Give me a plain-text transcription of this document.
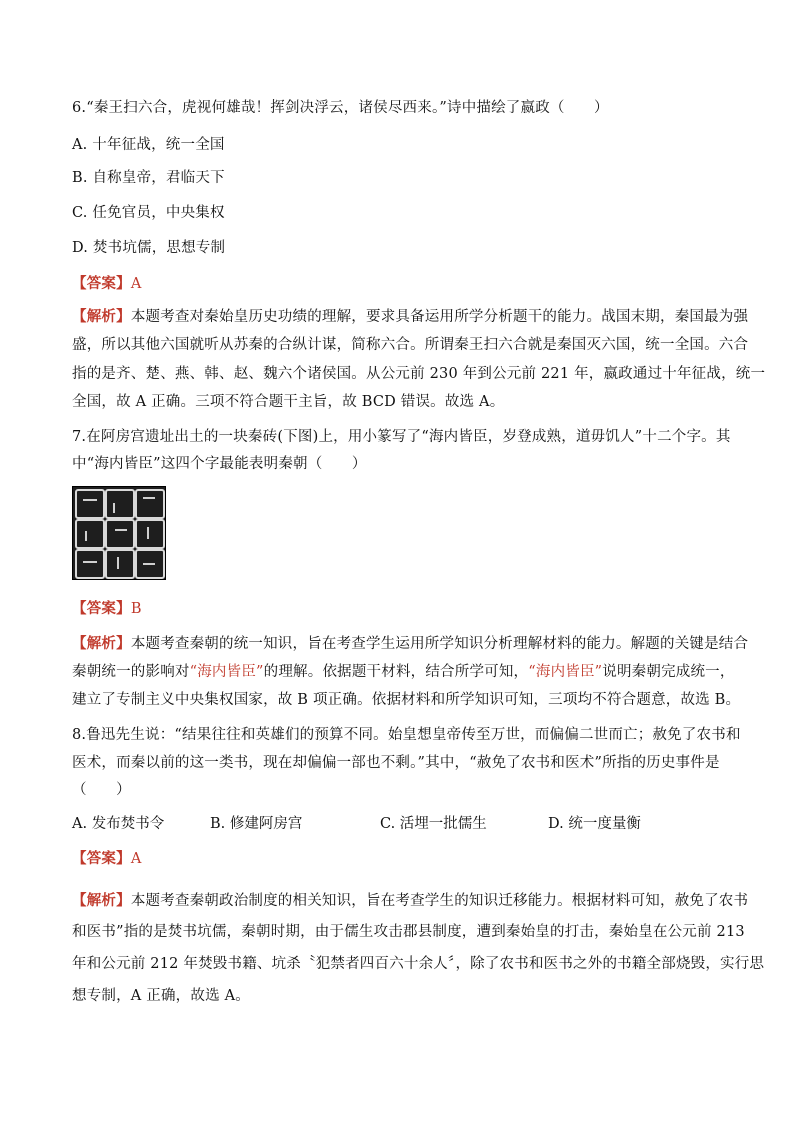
6.“秦王扫六合，虎视何雄哉！挥剑决浮云，诸侯尽西来。”诗中描绘了嬴政（　　）
A. 十年征战，统一全国
B. 自称皇帝，君临天下
C. 任免官员，中央集权
D. 焚书坑儒，思想专制
【答案】A
【解析】本题考查对秦始皇历史功绩的理解，要求具备运用所学分析题干的能力。战国末期，秦国最为强
盛，所以其他六国就听从苏秦的合纵计谋，简称六合。所谓秦王扫六合就是秦国灭六国，统一全国。六合
指的是齐、楚、燕、韩、赵、魏六个诸侯国。从公元前 230 年到公元前 221 年，嬴政通过十年征战，统一
全国，故 A 正确。三项不符合题干主旨，故 BCD 错误。故选 A。
7.在阿房宫遗址出土的一块秦砖(下图)上，用小篆写了“海内皆臣，岁登成熟，道毋饥人”十二个字。其
中“海内皆臣”这四个字最能表明秦朝（　　）
【答案】B
【解析】本题考查秦朝的统一知识，旨在考查学生运用所学知识分析理解材料的能力。解题的关键是结合
秦朝统一的影响对“海内皆臣”的理解。依据题干材料，结合所学可知，“海内皆臣”说明秦朝完成统一，
建立了专制主义中央集权国家，故 B 项正确。依据材料和所学知识可知，三项均不符合题意，故选 B。
8.鲁迅先生说：“结果往往和英雄们的预算不同。始皇想皇帝传至万世，而偏偏二世而亡；赦免了农书和
医术，而秦以前的这一类书，现在却偏偏一部也不剩。”其中，“赦免了农书和医术”所指的历史事件是
（　　）
A. 发布焚书令	B. 修建阿房宫	C. 活埋一批儒生	D. 统一度量衡
【答案】A
【解析】本题考查秦朝政治制度的相关知识，旨在考查学生的知识迁移能力。根据材料可知，赦免了农书
和医书”指的是焚书坑儒，秦朝时期，由于儒生攻击郡县制度，遭到秦始皇的打击，秦始皇在公元前 213
年和公元前 212 年焚毁书籍、坑杀〝犯禁者四百六十余人〞，除了农书和医书之外的书籍全部烧毁，实行思
想专制，A 正确，故选 A。
